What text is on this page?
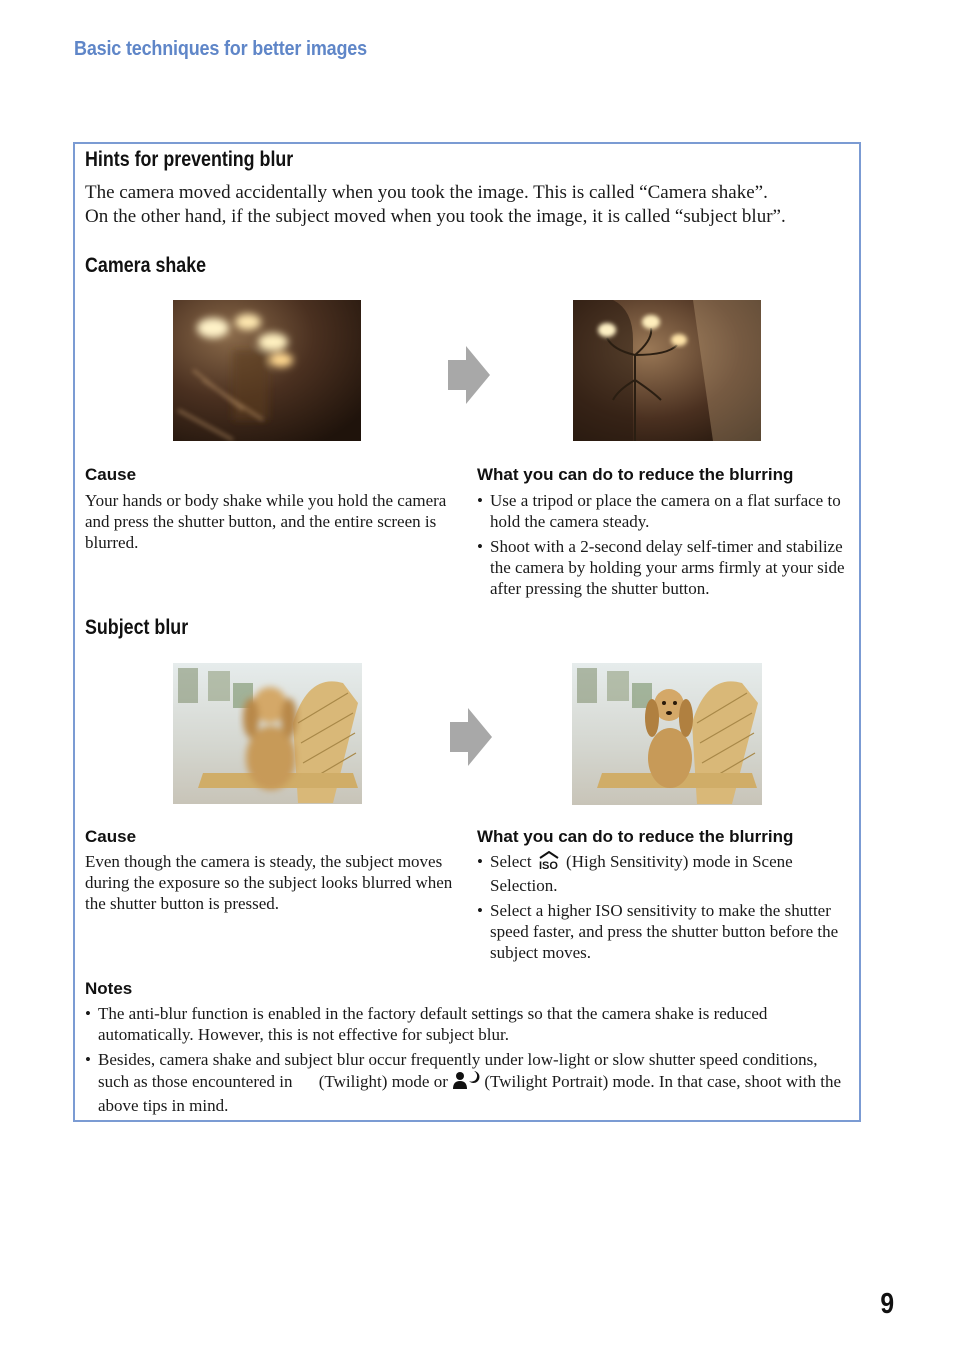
Basic techniques for better images
Hints for preventing blur
The camera moved accidentally when you took the image. This is called “Camera shake”.
On the other hand, if the subject moved when you took the image, it is called “subject blur”.
Camera shake
Cause
Your hands or body shake while you hold the camera and press the shutter button, and the entire screen is blurred.
What you can do to reduce the blurring
• Use a tripod or place the camera on a flat surface to hold the camera steady.
• Shoot with a 2-second delay self-timer and stabilize the camera by holding your arms firmly at your side after pressing the shutter button.
Subject blur
Cause
Even though the camera is steady, the subject moves during the exposure so the subject looks blurred when the shutter button is pressed.
What you can do to reduce the blurring
• Select ISO (High Sensitivity) mode in Scene Selection.
• Select a higher ISO sensitivity to make the shutter speed faster, and press the shutter button before the subject moves.
Notes
• The anti-blur function is enabled in the factory default settings so that the camera shake is reduced automatically. However, this is not effective for subject blur.
• Besides, camera shake and subject blur occur frequently under low-light or slow shutter speed conditions, such as those encountered in (Twilight) mode or  (Twilight Portrait) mode. In that case, shoot with the above tips in mind.
9
